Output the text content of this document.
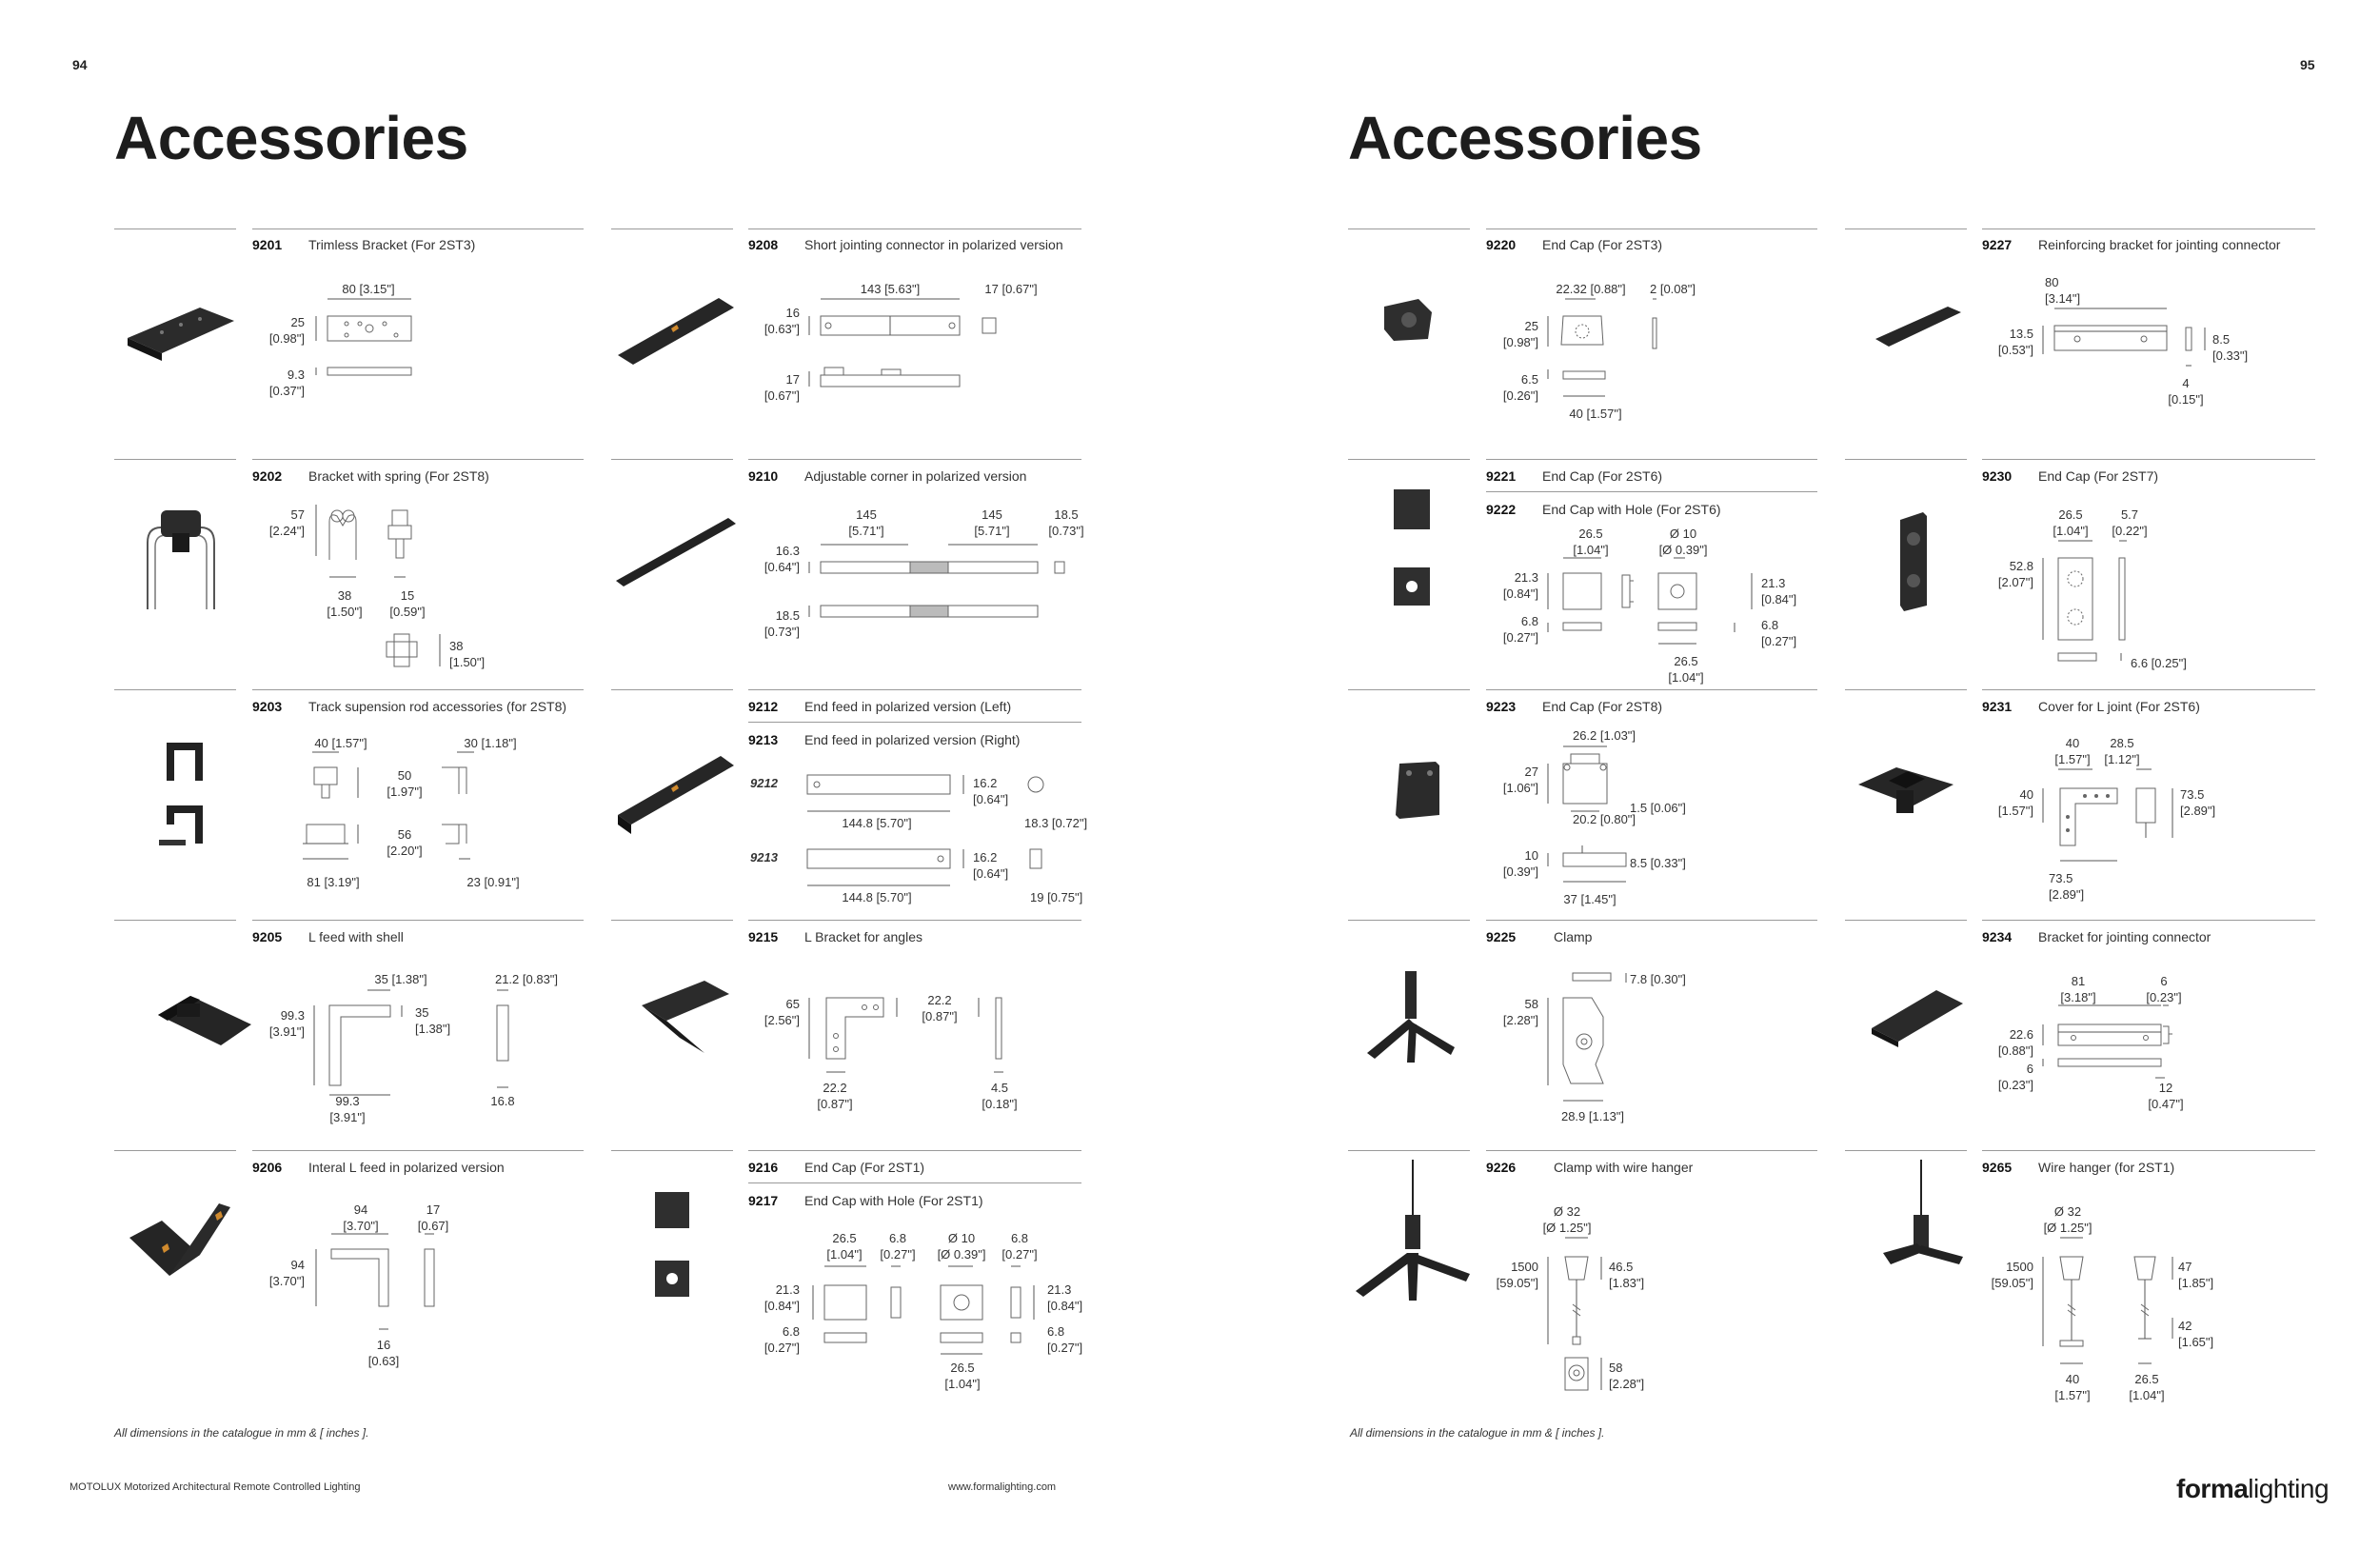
94
Accessories
9201 Trimless Bracket (For 2ST3)
80 [3.15"]
25
[0.98"]
9.3
[0.37"]
9208 Short jointing connector in polarized version
143 [5.63"]	17 [0.67"]
16
[0.63"]
17
[0.67"]
9202 Bracket with spring (For 2ST8)
57
[2.24"]
38
[1.50"]
15
[0.59"]
38
[1.50"]
9210 Adjustable corner in polarized version
145
[5.71"]
145
[5.71"]
18.5
[0.73"]
16.3
[0.64"]
18.5
[0.73"]
9203 Track supension rod accessories (for 2ST8)
40 [1.57"]	30 [1.18"]
50
[1.97"]
56
[2.20"]
81 [3.19"]	23 [0.91"]
9212 End feed in polarized version (Left)
9213 End feed in polarized version (Right)
9212	16.2
[0.64"]
18.3 [0.72"]
144.8 [5.70"]
9213	16.2
[0.64"]
19 [0.75"]
144.8 [5.70"]
9205 L feed with shell
35 [1.38"]	21.2 [0.83"]
99.3
[3.91"]
35
[1.38"]
99.3
[3.91"]
16.8
9215 L Bracket for angles
65
[2.56"]
22.2
[0.87"]
22.2
[0.87"]
4.5
[0.18"]
9206 Interal L feed in polarized version
94
[3.70"]
17
[0.67]
94
[3.70"]
16
[0.63]
9216 End Cap (For 2ST1)
9217 End Cap with Hole (For 2ST1)
26.5
[1.04"]
6.8
[0.27"]
Ø 10
[Ø 0.39"]
6.8
[0.27"]
21.3
[0.84"]
21.3
[0.84"]
6.8
[0.27"]
6.8
[0.27"]
26.5
[1.04"]
All dimensions in the catalogue in mm & [ inches ].
MOTOLUX Motorized Architectural Remote Controlled Lighting	www.formalighting.com
95
Accessories
9220 End Cap (For 2ST3)
22.32 [0.88"]	2 [0.08"]
25
[0.98"]
6.5
[0.26"]
40 [1.57"]
9227 Reinforcing bracket for jointing connector
80
[3.14"]
13.5
[0.53"]
8.5
[0.33"]
4
[0.15"]
9221 End Cap (For 2ST6)
9222 End Cap with Hole (For 2ST6)
26.5
[1.04"]
Ø 10
[Ø 0.39"]
21.3
[0.84"]
6.8
[0.27"]
21.3
[0.84"]
6.8
[0.27"]
26.5
[1.04"]
9230 End Cap (For 2ST7)
26.5
[1.04"]
5.7
[0.22"]
52.8
[2.07"]
6.6 [0.25"]
9223 End Cap (For 2ST8)
26.2 [1.03"]
27
[1.06"]
1.5 [0.06"]
20.2 [0.80"]
10
[0.39"]
8.5 [0.33"]
37 [1.45"]
9231 Cover for L joint (For 2ST6)
40
[1.57"]
28.5
[1.12"]
40
[1.57"]
73.5
[2.89"]
73.5
[2.89"]
9225	Clamp
7.8 [0.30"]
58
[2.28"]
28.9 [1.13"]
9234 Bracket for jointing connector
81
[3.18"]
6
[0.23"]
22.6
[0.88"]
6
[0.23"]	12
[0.47"]
9226	Clamp with wire hanger
Ø 32
[Ø 1.25"]
1500
[59.05"]
46.5
[1.83"]
58
[2.28"]
9265 Wire hanger (for 2ST1)
Ø 32
[Ø 1.25"]
1500
[59.05"]
47
[1.85"]
42
[1.65"]
40
[1.57"]
26.5
[1.04"]
All dimensions in the catalogue in mm & [ inches ].
formalighting
